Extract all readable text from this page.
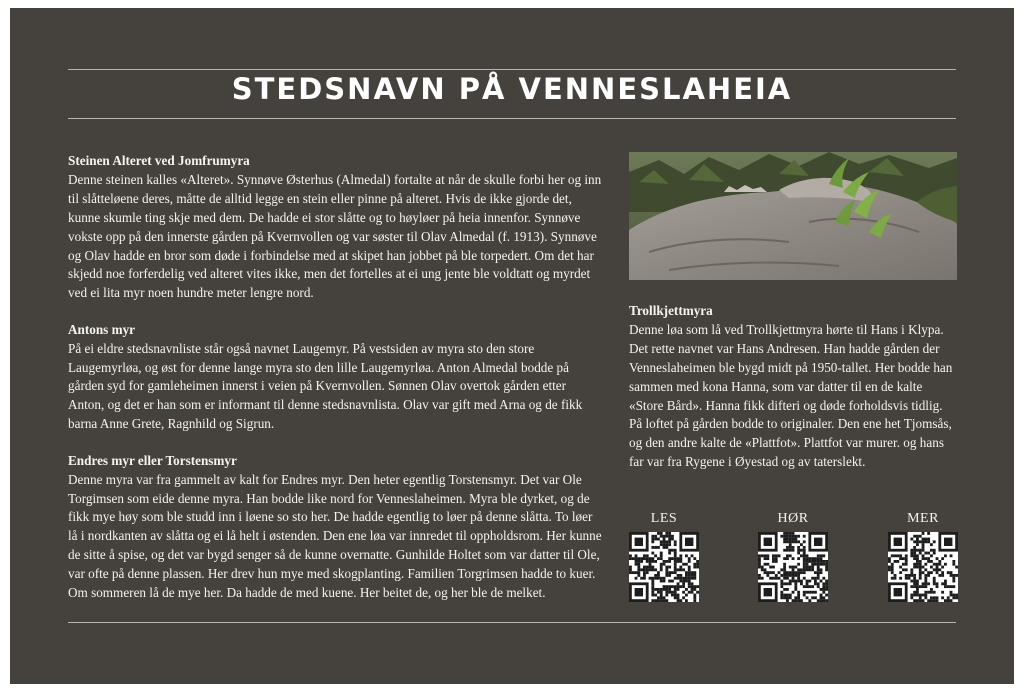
STEDSNAVN PÅ VENNESLAHEIA
Steinen Alteret ved Jomfrumyra

Denne steinen kalles «Alteret». Synnøve Østerhus (Almedal) fortalte at når de skulle forbi her og inn til slåtteløene deres, måtte de alltid legge en stein eller pinne på alteret. Hvis de ikke gjorde det, kunne skumle ting skje med dem. De hadde ei stor slåtte og to høyløer på heia innenfor. Synnøve vokste opp på den innerste gården på Kvernvollen og var søster til Olav Almedal (f. 1913). Synnøve og Olav hadde en bror som døde i forbindelse med at skipet han jobbet på ble torpedert. Om det har skjedd noe forferdelig ved alteret vites ikke, men det fortelles at ei ung jente ble voldtatt og myrdet ved ei lita myr noen hundre meter lengre nord.

Antons myr

På ei eldre stedsnavnliste står også navnet Laugemyr. På vestsiden av myra sto den store Laugemyrløa, og øst for denne lange myra sto den lille Laugemyrløa. Anton Almedal bodde på gården syd for gamleheimen innerst i veien på Kvernvollen. Sønnen Olav overtok gården etter Anton, og det er han som er informant til denne stedsnavnlista. Olav var gift med Arna og de fikk barna Anne Grete, Ragnhild og Sigrun.

Endres myr eller Torstensmyr

Denne myra var fra gammelt av kalt for Endres myr. Den heter egentlig Torstensmyr. Det var Ole Torgimsen som eide denne myra. Han bodde like nord for Venneslaheimen. Myra ble dyrket, og de fikk mye høy som ble studd inn i løene so sto her. De hadde egentlig to løer på denne slåtta. To løer lå i nordkanten av slåtta og ei lå helt i østenden. Den ene løa var innredet til oppholdsrom. Her kunne de sitte å spise, og det var bygd senger så de kunne overnatte. Gunhilde Holtet som var datter til Ole, var ofte på denne plassen. Her drev hun mye med skogplanting. Familien Torgrimsen hadde to kuer. Om sommeren lå de mye her. Da hadde de med kuene. Her beitet de, og her ble de melket.

Trollkjettmyra

Denne løa som lå ved Trollkjettmyra hørte til Hans i Klypa. Det rette navnet var Hans Andresen. Han hadde gården der Venneslaheimen ble bygd midt på 1950-tallet. Her bodde han sammen med kona Hanna, som var datter til en de kalte «Store Bård». Hanna fikk difteri og døde forholdsvis tidlig. På loftet på gården bodde to originaler. Den ene het Tjomsås, og den andre kalte de «Plattfot». Plattfot var murer. og hans far var fra Rygene i Øyestad og av taterslekt.

LES	HØR	MER
